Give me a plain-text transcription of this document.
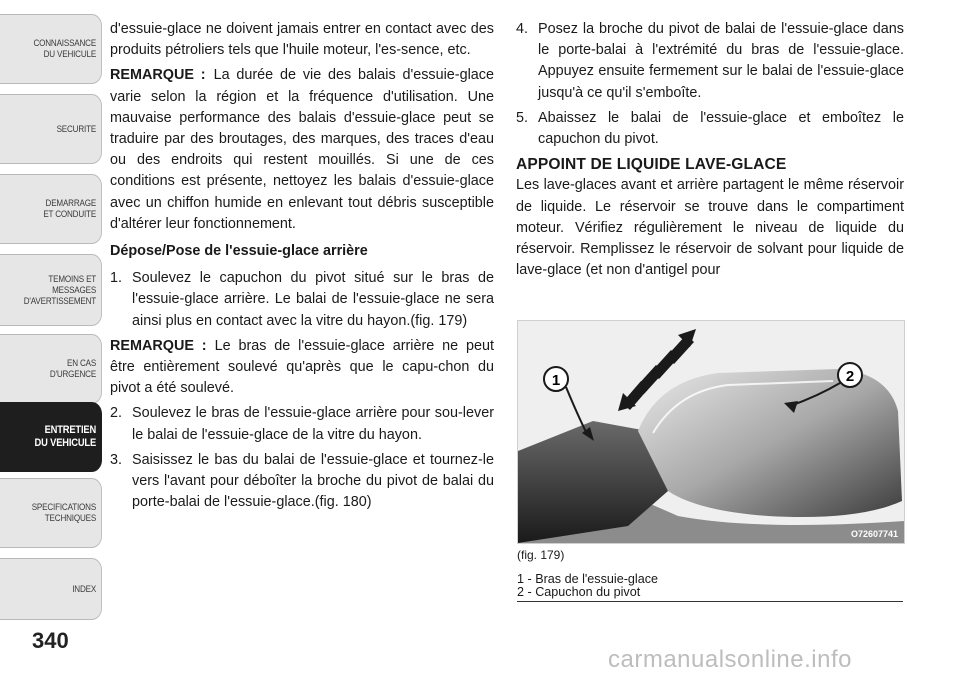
CONNAISSANCE
DU VEHICULE
SECURITE
DEMARRAGE
ET CONDUITE
TEMOINS ET
MESSAGES
D'AVERTISSEMENT
EN CAS
D'URGENCE
ENTRETIEN
DU VEHICULE
SPECIFICATIONS
TECHNIQUES
INDEX
340

d'essuie-glace ne doivent jamais entrer en contact avec des produits pétroliers tels que l'huile moteur, l'es-sence, etc.

REMARQUE : La durée de vie des balais d'essuie-glace varie selon la région et la fréquence d'utilisation. Une mauvaise performance des balais d'essuie-glace peut se traduire par des broutages, des marques, des traces d'eau ou des endroits qui restent mouillés. Si une de ces conditions est présente, nettoyez les balais d'essuie-glace avec un chiffon humide en enlevant tout débris susceptible d'altérer leur fonctionnement.

Dépose/Pose de l'essuie-glace arrière
1. Soulevez le capuchon du pivot situé sur le bras de l'essuie-glace arrière. Le balai de l'essuie-glace ne sera ainsi plus en contact avec la vitre du hayon.(fig. 179)

REMARQUE : Le bras de l'essuie-glace arrière ne peut être entièrement soulevé qu'après que le capu-chon du pivot a été soulevé.

2. Soulevez le bras de l'essuie-glace arrière pour sou-lever le balai de l'essuie-glace de la vitre du hayon.
3. Saisissez le bas du balai de l'essuie-glace et tournez-le vers l'avant pour déboîter la broche du pivot de balai du porte-balai de l'essuie-glace.(fig. 180)
4. Posez la broche du pivot de balai de l'essuie-glace dans le porte-balai à l'extrémité du bras de l'essuie-glace. Appuyez ensuite fermement sur le balai de l'essuie-glace jusqu'à ce qu'il s'emboîte.
5. Abaissez le balai de l'essuie-glace et emboîtez le capuchon du pivot.
APPOINT DE LIQUIDE LAVE-GLACE

Les lave-glaces avant et arrière partagent le même réservoir de liquide. Le réservoir se trouve dans le compartiment moteur. Vérifiez régulièrement le niveau de liquide du réservoir. Remplissez le réservoir de solvant pour liquide de lave-glace (et non d'antigel pour

1	2
O72607741
(fig. 179)
1 - Bras de l'essuie-glace
2 - Capuchon du pivot
carmanualsonline.info
